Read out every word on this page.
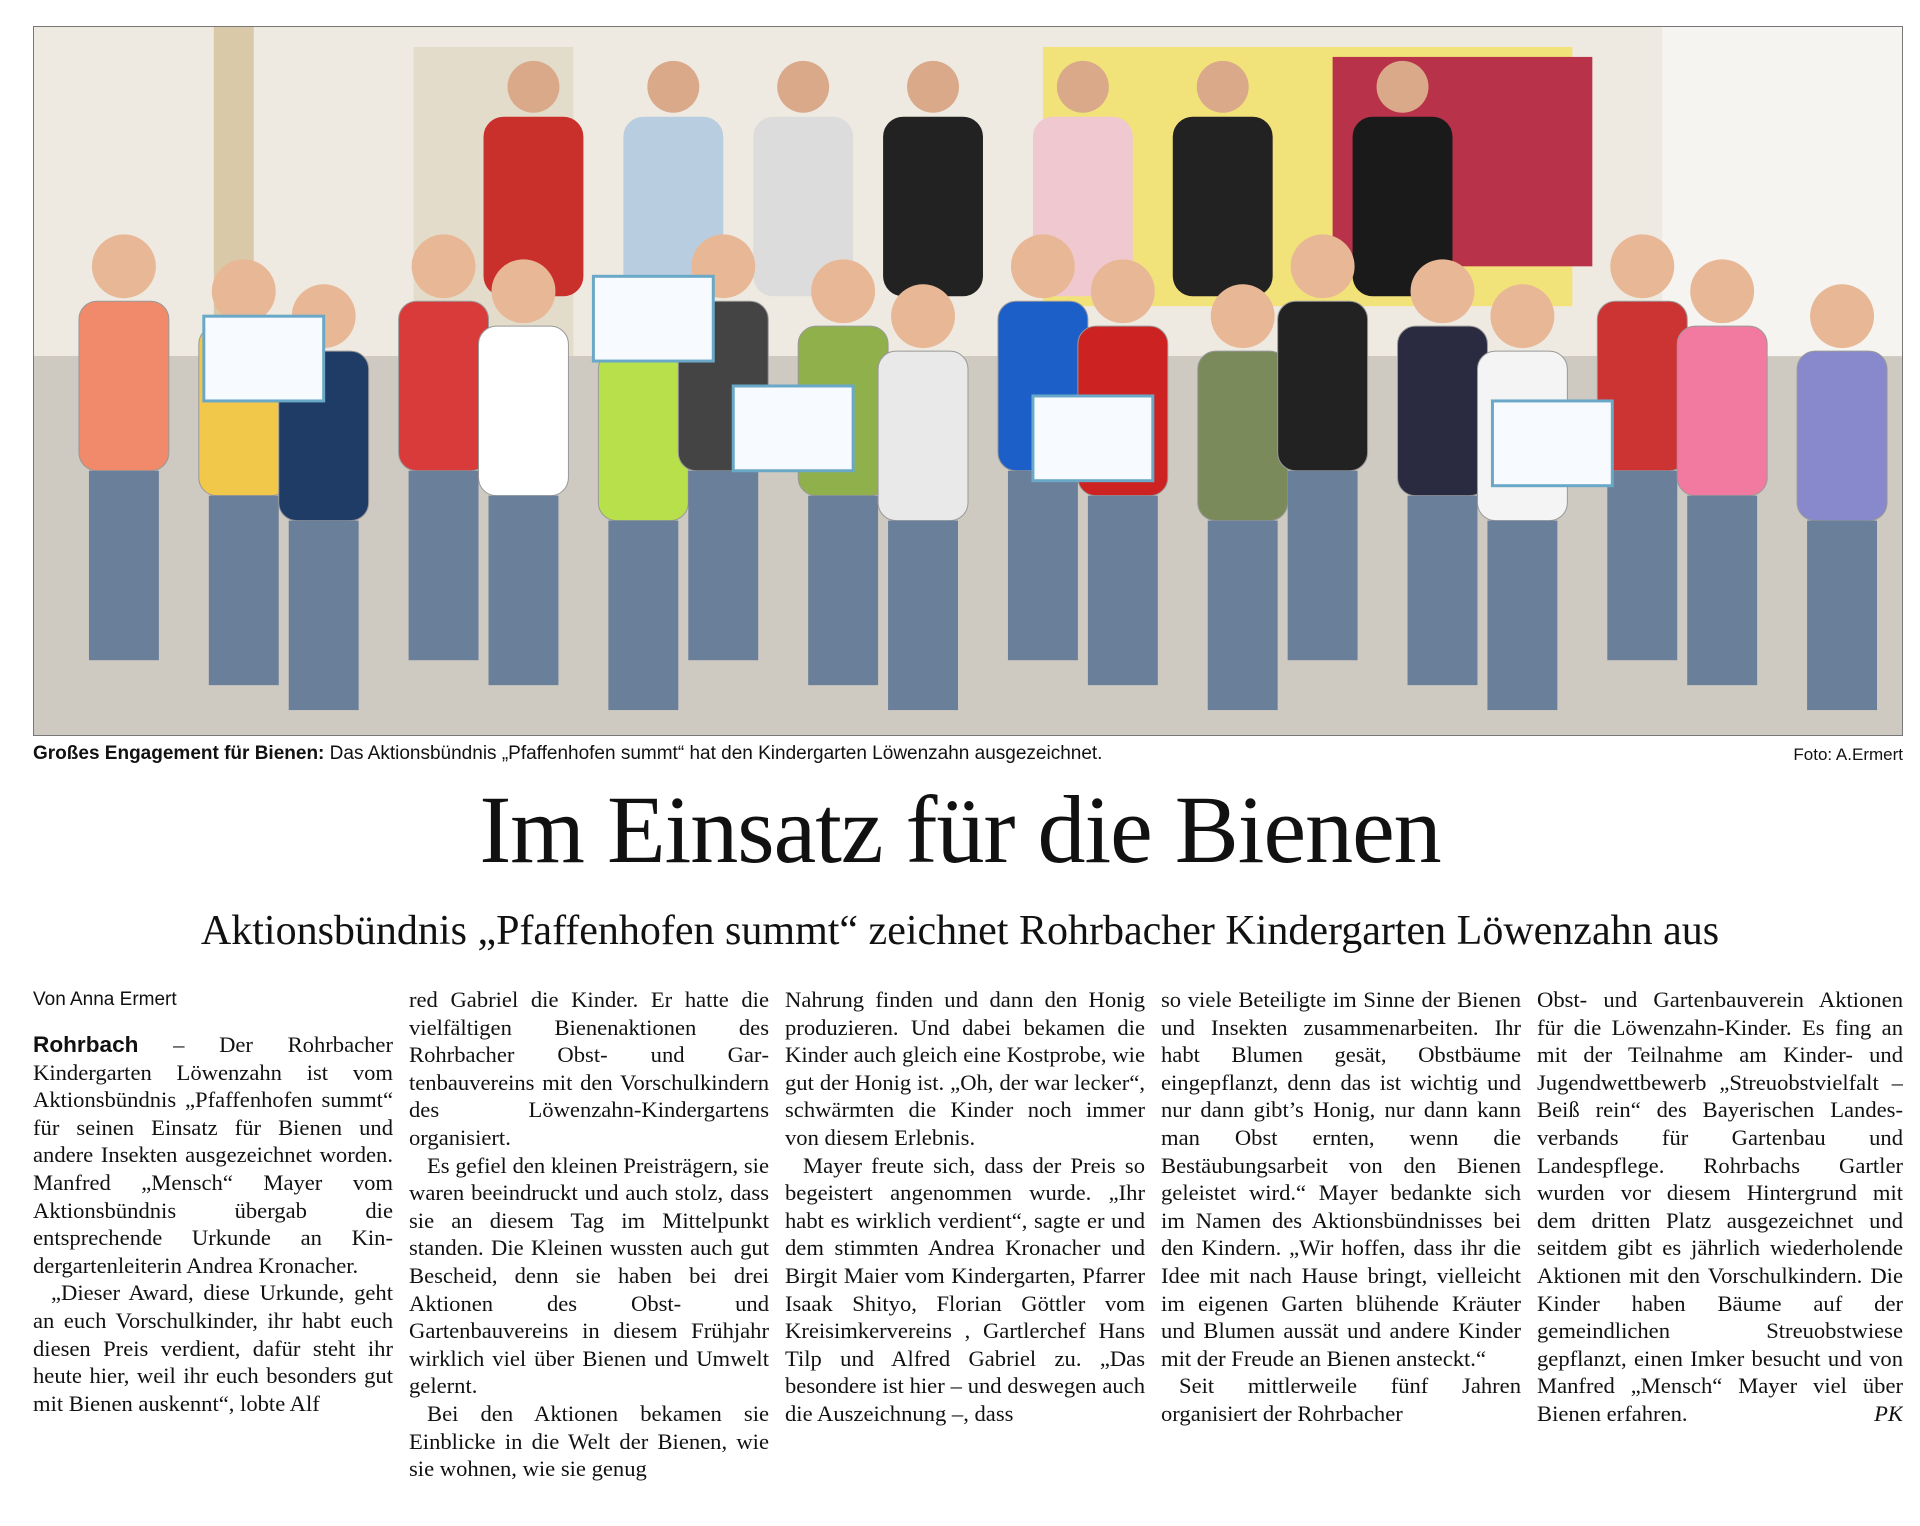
Großes Engagement für Bienen: Das Aktionsbündnis „Pfaffenhofen summt“ hat den Kindergarten Löwenzahn ausgezeichnet.	Foto: A.Ermert
Im Einsatz für die Bienen
Aktionsbündnis „Pfaffenhofen summt“ zeichnet Rohrbacher Kindergarten Löwenzahn aus

Von Anna Ermert

Rohrbach – Der Rohrbacher Kindergarten Löwenzahn ist vom Aktionsbündnis „Pfaffenhofen summt“ für seinen Einsatz für Bienen und andere Insekten ausgezeichnet worden. Manfred „Mensch“ Mayer vom Aktionsbündnis übergab die entsprechende Urkunde an Kindergartenleiterin Andrea Kronacher.

„Dieser Award, diese Urkunde, geht an euch Vorschulkinder, ihr habt euch diesen Preis verdient, dafür steht ihr heute hier, weil ihr euch besonders gut mit Bienen auskennt“, lobte Alf

red Gabriel die Kinder. Er hatte die vielfältigen Bienenaktionen des Rohrbacher Obst- und Gartenbauvereins mit den Vorschulkindern des Löwenzahn-Kindergartens organisiert.

Es gefiel den kleinen Preisträgern, sie waren beeindruckt und auch stolz, dass sie an diesem Tag im Mittelpunkt standen. Die Kleinen wussten auch gut Bescheid, denn sie haben bei drei Aktionen des Obst- und Gartenbauvereins in diesem Frühjahr wirklich viel über Bienen und Umwelt gelernt.

Bei den Aktionen bekamen sie Einblicke in die Welt der Bienen, wie sie wohnen, wie sie genug

Nahrung finden und dann den Honig produzieren. Und dabei bekamen die Kinder auch gleich eine Kostprobe, wie gut der Honig ist. „Oh, der war lecker“, schwärmten die Kinder noch immer von diesem Erlebnis.

Mayer freute sich, dass der Preis so begeistert angenommen wurde. „Ihr habt es wirklich verdient“, sagte er und dem stimmten Andrea Kronacher und Birgit Maier vom Kindergarten, Pfarrer Isaak Shityo, Florian Göttler vom Kreisimkervereins , Gartlerchef Hans Tilp und Alfred Gabriel zu. „Das besondere ist hier – und deswegen auch die Auszeichnung –, dass

so viele Beteiligte im Sinne der Bienen und Insekten zusammenarbeiten. Ihr habt Blumen gesät, Obstbäume eingepflanzt, denn das ist wichtig und nur dann gibt’s Honig, nur dann kann man Obst ernten, wenn die Bestäubungsarbeit von den Bienen geleistet wird.“ Mayer bedankte sich im Namen des Aktionsbündnisses bei den Kindern. „Wir hoffen, dass ihr die Idee mit nach Hause bringt, vielleicht im eigenen Garten blühende Kräuter und Blumen aussät und andere Kinder mit der Freude an Bienen ansteckt.“

Seit mittlerweile fünf Jahren organisiert der Rohrbacher

Obst- und Gartenbauverein Aktionen für die Löwenzahn-Kinder. Es fing an mit der Teilnahme am Kinder- und Jugendwettbewerb „Streuobstvielfalt – Beiß rein“ des Bayerischen Landesverbands für Gartenbau und Landespflege. Rohrbachs Gartler wurden vor diesem Hintergrund mit dem dritten Platz ausgezeichnet und seitdem gibt es jährlich wiederholende Aktionen mit den Vorschulkindern. Die Kinder haben Bäume auf der gemeindlichen Streuobstwiese gepflanzt, einen Imker besucht und von Manfred „Mensch“ Mayer viel über Bienen erfahren.	PK
